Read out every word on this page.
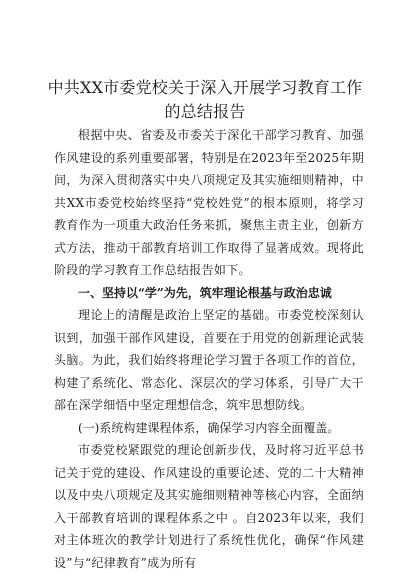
中共XX市委党校关于深入开展学习教育工作
的总结报告

根据中央、省委及市委关于深化干部学习教育、加强作风建设的系列重要部署，特别是在2023年至2025年期间，为深入贯彻落实中央八项规定及其实施细则精神，中共XX市委党校始终坚持“党校姓党”的根本原则，将学习教育作为一项重大政治任务来抓，聚焦主责主业，创新方式方法，推动干部教育培训工作取得了显著成效。现将此阶段的学习教育工作总结报告如下。

一、坚持以“学”为先，筑牢理论根基与政治忠诚

理论上的清醒是政治上坚定的基础。市委党校深刻认识到，加强干部作风建设，首要在于用党的创新理论武装头脑。为此，我们始终将理论学习置于各项工作的首位，构建了系统化、常态化、深层次的学习体系，引导广大干部在深学细悟中坚定理想信念，筑牢思想防线。

(一)系统构建课程体系，确保学习内容全面覆盖。

市委党校紧跟党的理论创新步伐，及时将习近平总书记关于党的建设、作风建设的重要论述、党的二十大精神以及中央八项规定及其实施细则精神等核心内容，全面纳入干部教育培训的课程体系之中 。自2023年以来，我们对主体班次的教学计划进行了系统性优化，确保“作风建设”与“纪律教育”成为所有
